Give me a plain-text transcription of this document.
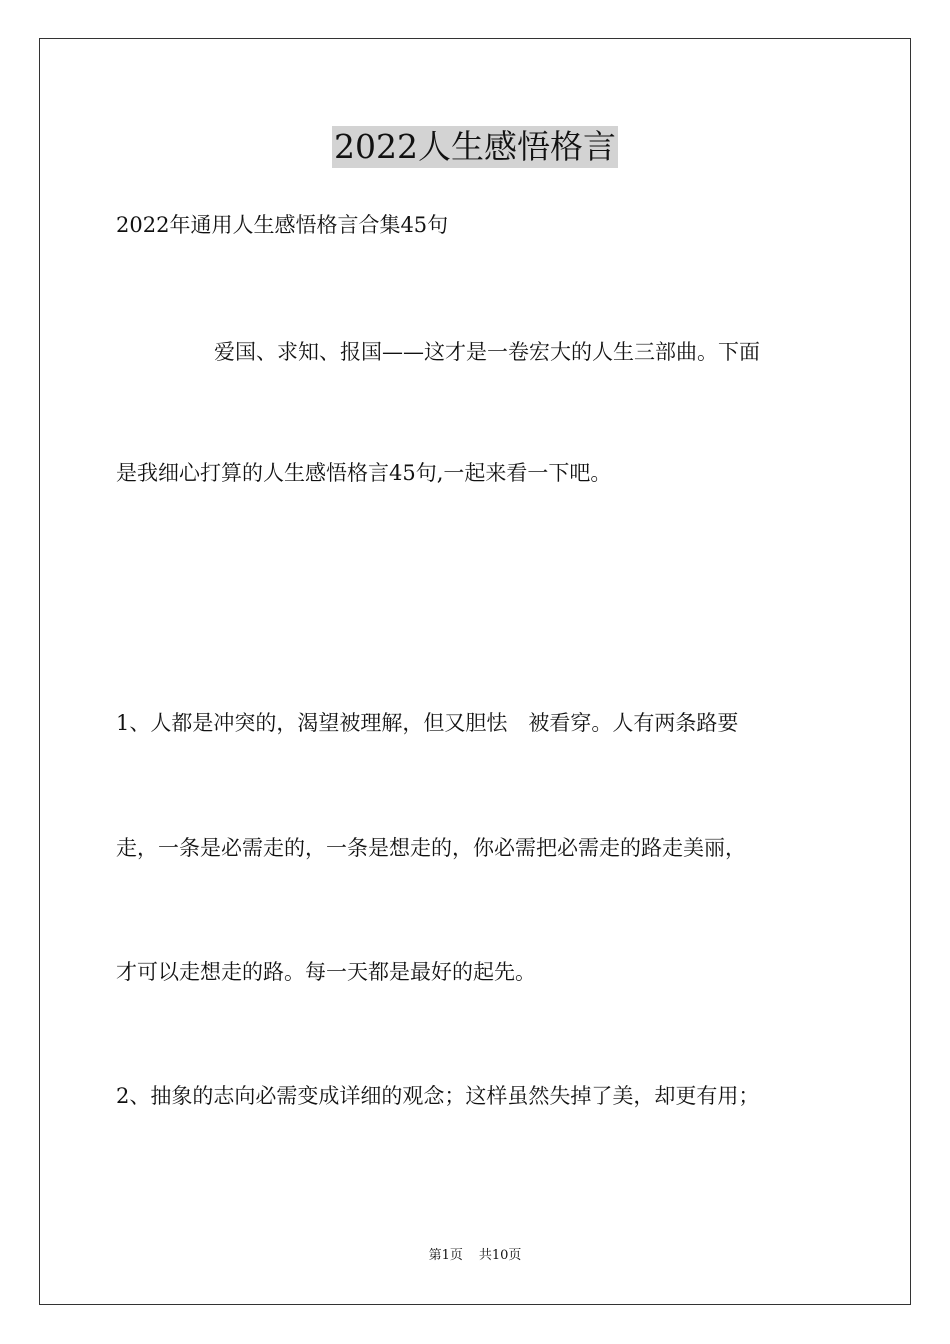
2022人生感悟格言
2022年通用人生感悟格言合集45句
爱国、求知、报国——这才是一卷宏大的人生三部曲。下面
是我细心打算的人生感悟格言45句,一起来看一下吧。
1、人都是冲突的，渴望被理解，但又胆怯　被看穿。人有两条路要
走，一条是必需走的，一条是想走的，你必需把必需走的路走美丽，
才可以走想走的路。每一天都是最好的起先。
2、抽象的志向必需变成详细的观念；这样虽然失掉了美，却更有用；
第1页 共10页
